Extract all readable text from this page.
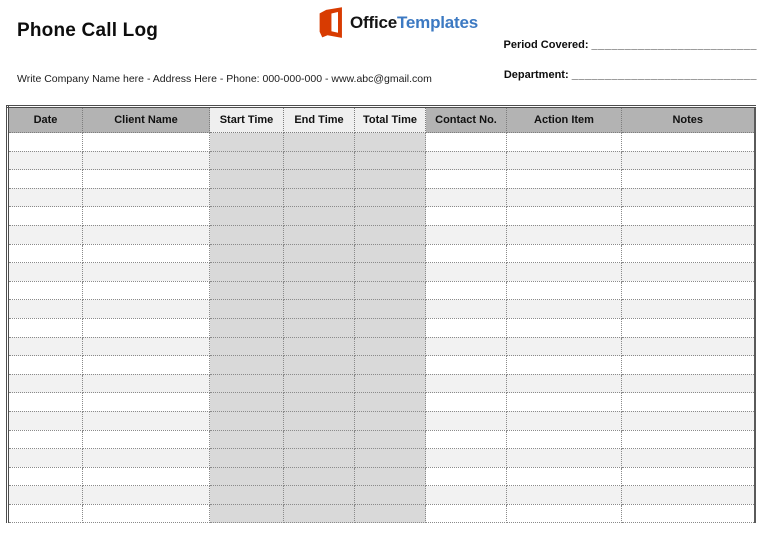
Phone Call Log	Office Templates
Period Covered: _________________________
Write Company Name here - Address Here - Phone: 000-000-000 - www.abc@gmail.com	Department: ____________________________
Date	Client Name	Start Time	End Time	Total Time	Contact No.	Action Item	Notes
